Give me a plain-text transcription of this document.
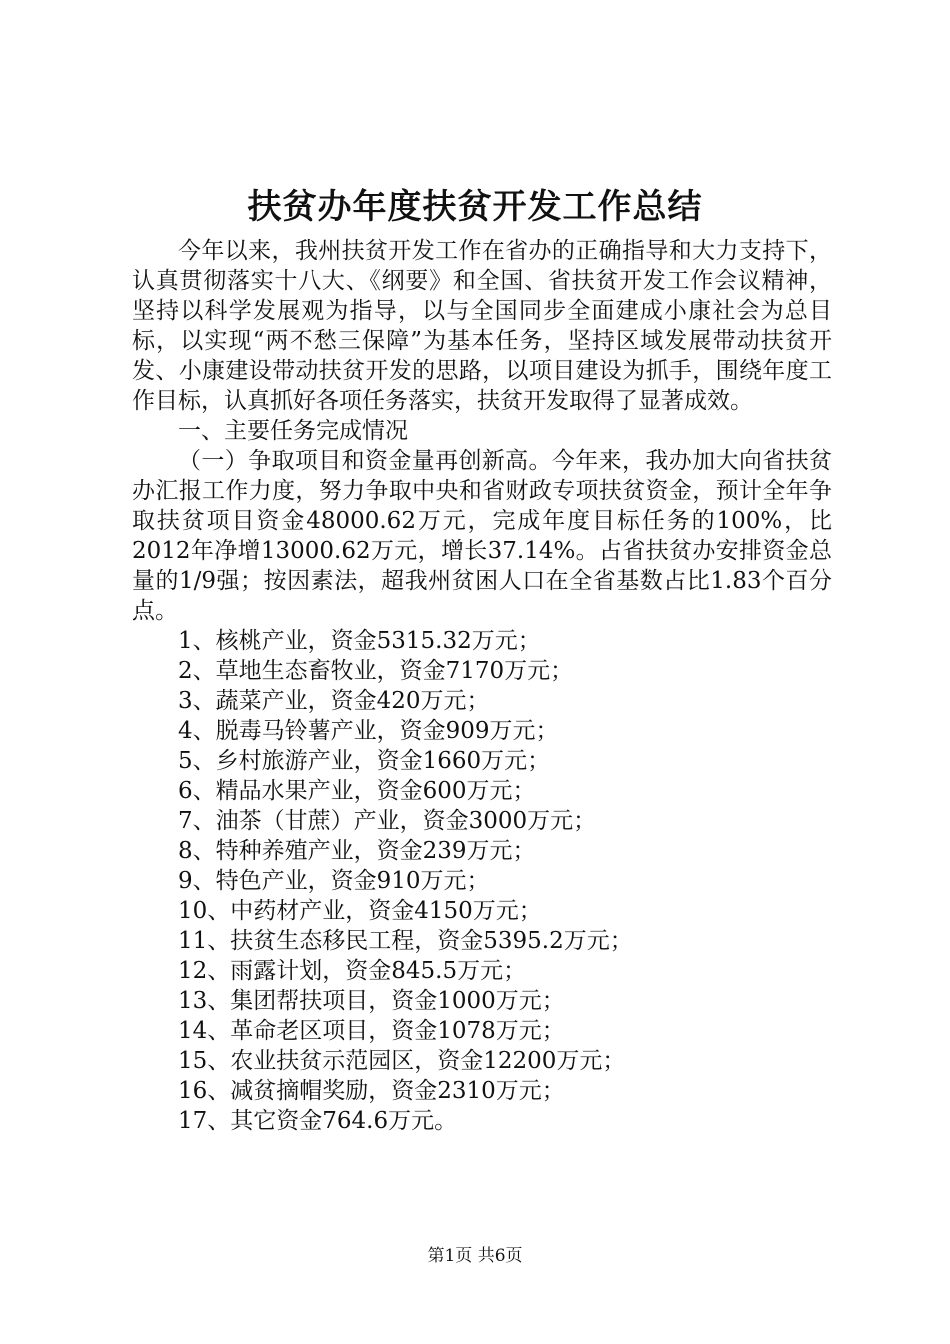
扶贫办年度扶贫开发工作总结

今年以来，我州扶贫开发工作在省办的正确指导和大力支持下，认真贯彻落实十八大、《纲要》和全国、省扶贫开发工作会议精神，坚持以科学发展观为指导，以与全国同步全面建成小康社会为总目标，以实现“两不愁三保障”为基本任务，坚持区域发展带动扶贫开发、小康建设带动扶贫开发的思路，以项目建设为抓手，围绕年度工作目标，认真抓好各项任务落实，扶贫开发取得了显著成效。

一、主要任务完成情况

（一）争取项目和资金量再创新高。今年来，我办加大向省扶贫办汇报工作力度，努力争取中央和省财政专项扶贫资金，预计全年争取扶贫项目资金48000.62万元，完成年度目标任务的100%，比2012年净增13000.62万元，增长37.14%。占省扶贫办安排资金总量的1/9强；按因素法，超我州贫困人口在全省基数占比1.83个百分点。

1、核桃产业，资金5315.32万元；
2、草地生态畜牧业，资金7170万元；
3、蔬菜产业，资金420万元；
4、脱毒马铃薯产业，资金909万元；
5、乡村旅游产业，资金1660万元；
6、精品水果产业，资金600万元；
7、油茶（甘蔗）产业，资金3000万元；
8、特种养殖产业，资金239万元；
9、特色产业，资金910万元；
10、中药材产业，资金4150万元；
11、扶贫生态移民工程，资金5395.2万元；
12、雨露计划，资金845.5万元；
13、集团帮扶项目，资金1000万元；
14、革命老区项目，资金1078万元；
15、农业扶贫示范园区，资金12200万元；
16、减贫摘帽奖励，资金2310万元；
17、其它资金764.6万元。
第1页 共6页
